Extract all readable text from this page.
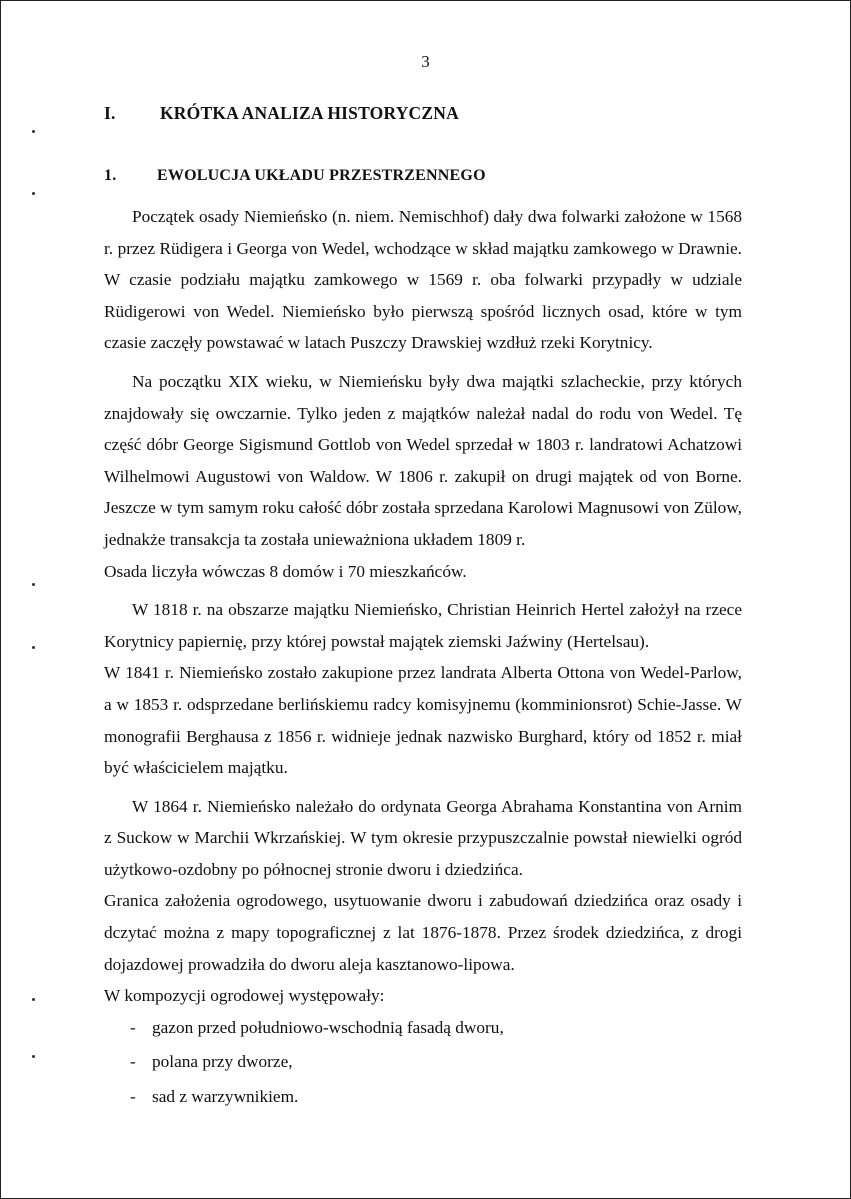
3
I.	KRÓTKA ANALIZA HISTORYCZNA
1.	EWOLUCJA UKŁADU PRZESTRZENNEGO

Początek osady Niemieńsko (n. niem. Nemischhof) dały dwa folwarki założone w 1568 r. przez Rüdigera i Georga von Wedel, wchodzące w skład majątku zamkowego w Drawnie. W czasie podziału majątku zamkowego w 1569 r. oba folwarki przypadły w udziale Rüdigerowi von Wedel. Niemieńsko było pierwszą spośród licznych osad, które w tym czasie zaczęły powstawać w latach Puszczy Drawskiej wzdłuż rzeki Korytnicy.

Na początku XIX wieku, w Niemieńsku były dwa majątki szlacheckie, przy których znajdowały się owczarnie. Tylko jeden z majątków należał nadal do rodu von Wedel. Tę część dóbr George Sigismund Gottlob von Wedel sprzedał w 1803 r. landratowi Achatzowi Wilhelmowi Augustowi von Waldow. W 1806 r. zakupił on drugi majątek od von Borne. Jeszcze w tym samym roku całość dóbr została sprzedana Karolowi Magnusowi von Zülow, jednakże transakcja ta została unieważniona układem 1809 r.

Osada liczyła wówczas 8 domów i 70 mieszkańców.

W 1818 r. na obszarze majątku Niemieńsko, Christian Heinrich Hertel założył na rzece Korytnicy papiernię, przy której powstał majątek ziemski Jaźwiny (Hertelsau).

W 1841 r. Niemieńsko zostało zakupione przez landrata Alberta Ottona von Wedel-Parlow, a w 1853 r. odsprzedane berlińskiemu radcy komisyjnemu (komminionsrot) Schie-Jasse. W monografii Berghausa z 1856 r. widnieje jednak nazwisko Burghard, który od 1852 r. miał być właścicielem majątku.

W 1864 r. Niemieńsko należało do ordynata Georga Abrahama Konstantina von Arnim z Suckow w Marchii Wkrzańskiej. W tym okresie przypuszczalnie powstał niewielki ogród użytkowo-ozdobny po północnej stronie dworu i dziedzińca.

Granica założenia ogrodowego, usytuowanie dworu i zabudowań dziedzińca oraz osady i dczytać można z mapy topograficznej z lat 1876-1878. Przez środek dziedzińca, z drogi dojazdowej prowadziła do dworu aleja kasztanowo-lipowa.

W kompozycji ogrodowej występowały:

- gazon przed południowo-wschodnią fasadą dworu,
- polana przy dworze,
- sad z warzywnikiem.
